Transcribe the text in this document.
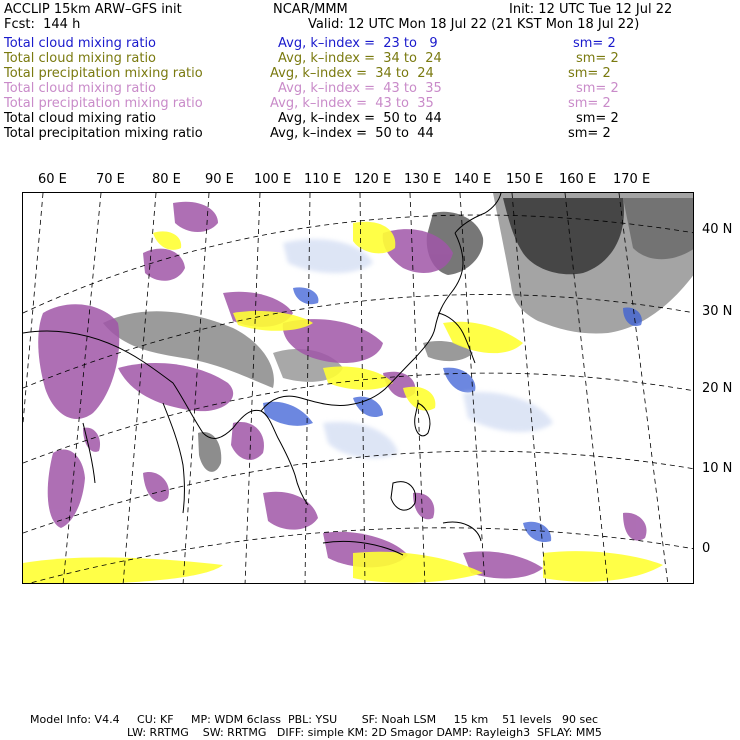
ACCLIP 15km ARW–GFS init	NCAR/MMM	Init: 12 UTC Tue 12 Jul 22
Fcst:  144 h	Valid: 12 UTC Mon 18 Jul 22 (21 KST Mon 18 Jul 22)
Total cloud mixing ratio	Avg, k–index =  23 to   9	sm= 2
Total cloud mixing ratio	Avg, k–index =  34 to  24	sm= 2
Total precipitation mixing ratio	Avg, k–index =  34 to  24	sm= 2
Total cloud mixing ratio	Avg, k–index =  43 to  35	sm= 2
Total precipitation mixing ratio	Avg, k–index =  43 to  35	sm= 2
Total cloud mixing ratio	Avg, k–index =  50 to  44	sm= 2
Total precipitation mixing ratio	Avg, k–index =  50 to  44	sm= 2
60 E 70 E 80 E 90 E 100 E 110 E 120 E 130 E 140 E 150 E 160 E 170 E
40 N
30 N
20 N
10 N
0
Model Info: V4.4     CU: KF     MP: WDM 6class  PBL: YSU       SF: Noah LSM     15 km    51 levels   90 sec
LW: RRTMG    SW: RRTMG   DIFF: simple KM: 2D Smagor DAMP: Rayleigh3  SFLAY: MM5
